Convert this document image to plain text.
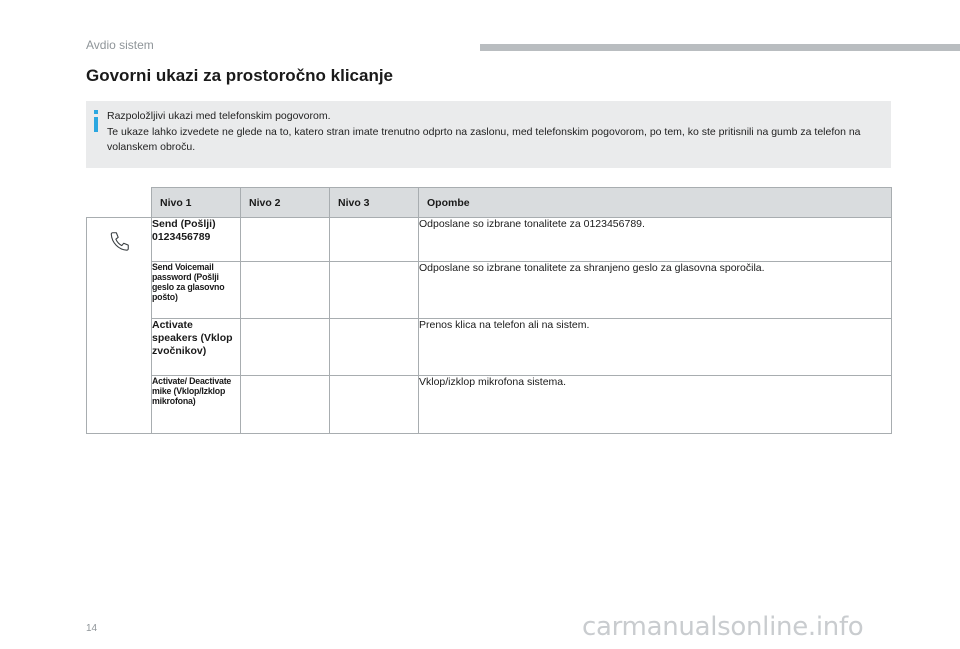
Avdio sistem
Govorni ukazi za prostoročno klicanje
Razpoložljivi ukazi med telefonskim pogovorom.
Te ukaze lahko izvedete ne glede na to, katero stran imate trenutno odprto na zaslonu, med telefonskim pogovorom, po tem, ko ste pritisnili na gumb za telefon na volanskem obroču.
	Nivo 1	Nivo 2	Nivo 3	Opombe

	Send (Pošlji) 0123456789			Odposlane so izbrane tonalitete za 0123456789.
	Send Voicemail password (Pošlji geslo za glasovno pošto)			Odposlane so izbrane tonalitete za shranjeno geslo za glasovna sporočila.
	Activate speakers (Vklop zvočnikov)			Prenos klica na telefon ali na sistem.
	Activate/ Deactivate mike (Vklop/Izklop mikrofona)			Vklop/izklop mikrofona sistema.
14	carmanualsonline.info
